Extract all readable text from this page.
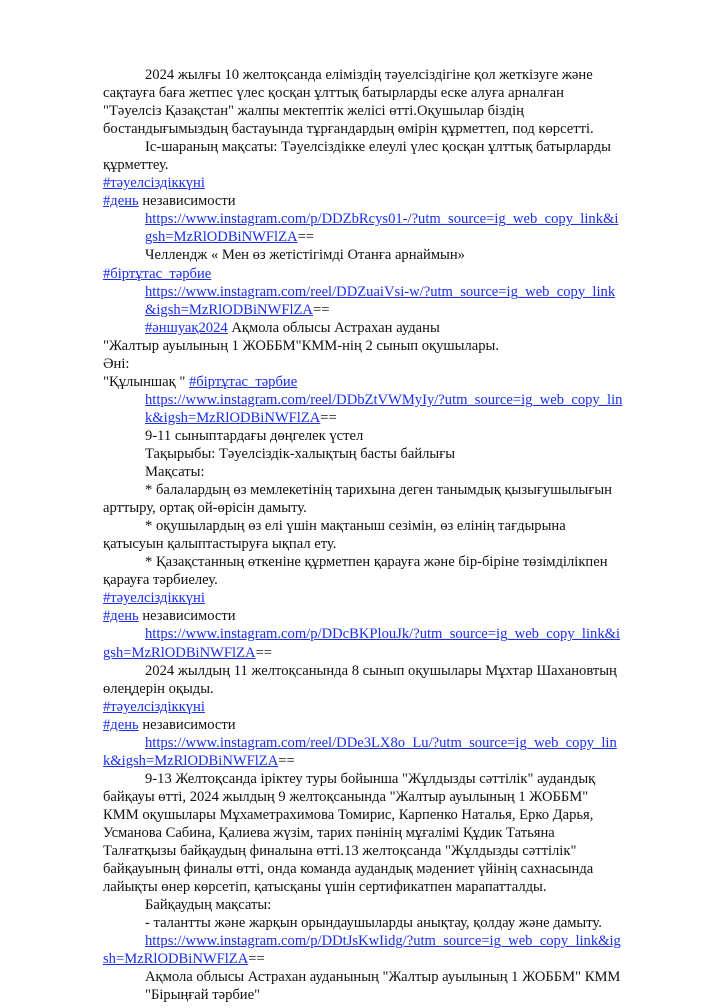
2024 жылғы 10 желтоқсанда еліміздің тәуелсіздігіне қол жеткізуге және сақтауға баға жетпес үлес қосқан ұлттық батырларды еске алуға арналған "Тәуелсіз Қазақстан" жалпы мектептік желісі өтті.Оқушылар біздің бостандығымыздың бастауында тұрғандардың өмірін құрметтеп, под көрсетті.

Іс-шараның мақсаты: Тәуелсіздікке елеулі үлес қосқан ұлттық батырларды құрметтеу.

#тәуелсіздіккүні
#день независимости
https://www.instagram.com/p/DDZbRcys01-/?utm_source=ig_web_copy_link&igsh=MzRlODBiNWFlZA==

Челлендж « Мен өз жетістігімді Отанға арнаймын»

#біртұтас_тәрбие
https://www.instagram.com/reel/DDZuaiVsi-w/?utm_source=ig_web_copy_link&igsh=MzRlODBiNWFlZA==
#әншуақ2024 Ақмола облысы Астрахан ауданы

"Жалтыр ауылының 1 ЖОББМ"КММ-нің 2 сынып оқушылары.

Әні:

"Құлыншақ " #біртұтас_тәрбие
https://www.instagram.com/reel/DDbZtVWMyIy/?utm_source=ig_web_copy_link&igsh=MzRlODBiNWFlZA==

9-11 сыныптардағы дөңгелек үстел

Тақырыбы: Тәуелсіздік-халықтың басты байлығы

Мақсаты:

* балалардың өз мемлекетінің тарихына деген танымдық қызығушылығын арттыру, ортақ ой-өрісін дамыту.

* оқушылардың өз елі үшін мақтаныш сезімін, өз елінің тағдырына қатысуын қалыптастыруға ықпал ету.

* Қазақстанның өткеніне құрметпен қарауға және бір-біріне төзімділікпен қарауға тәрбиелеу.

#тәуелсіздіккүні
#день независимости
https://www.instagram.com/p/DDcBKPlouJk/?utm_source=ig_web_copy_link&igsh=MzRlODBiNWFlZA==

2024 жылдың 11 желтоқсанында 8 сынып оқушылары Мұхтар Шахановтың өлеңдерін оқыды.

#тәуелсіздіккүні
#день независимости
https://www.instagram.com/reel/DDe3LX8o_Lu/?utm_source=ig_web_copy_link&igsh=MzRlODBiNWFlZA==

9-13 Желтоқсанда іріктеу туры бойынша "Жұлдызды сәттілік" аудандық байқауы өтті, 2024 жылдың 9 желтоқсанында "Жалтыр ауылының 1 ЖОББМ" КММ оқушылары Мұхаметрахимова Томирис, Карпенко Наталья, Ерко Дарья, Усманова Сабина, Қалиева жүзім, тарих пәнінің мұғалімі Құдик Татьяна Талғатқызы байқаудың финалына өтті.13 желтоқсанда "Жұлдызды сәттілік" байқауының финалы өтті, онда команда аудандық мәдениет үйінің сахнасында лайықты өнер көрсетіп, қатысқаны үшін сертификатпен марапатталды.

Байқаудың мақсаты:

- талантты және жарқын орындаушыларды анықтау, қолдау және дамыту.

https://www.instagram.com/p/DDtJsKwIidg/?utm_source=ig_web_copy_link&igsh=MzRlODBiNWFlZA==

Ақмола облысы Астрахан ауданының "Жалтыр ауылының 1 ЖОББМ" КММ

"Бірыңғай тәрбие"
